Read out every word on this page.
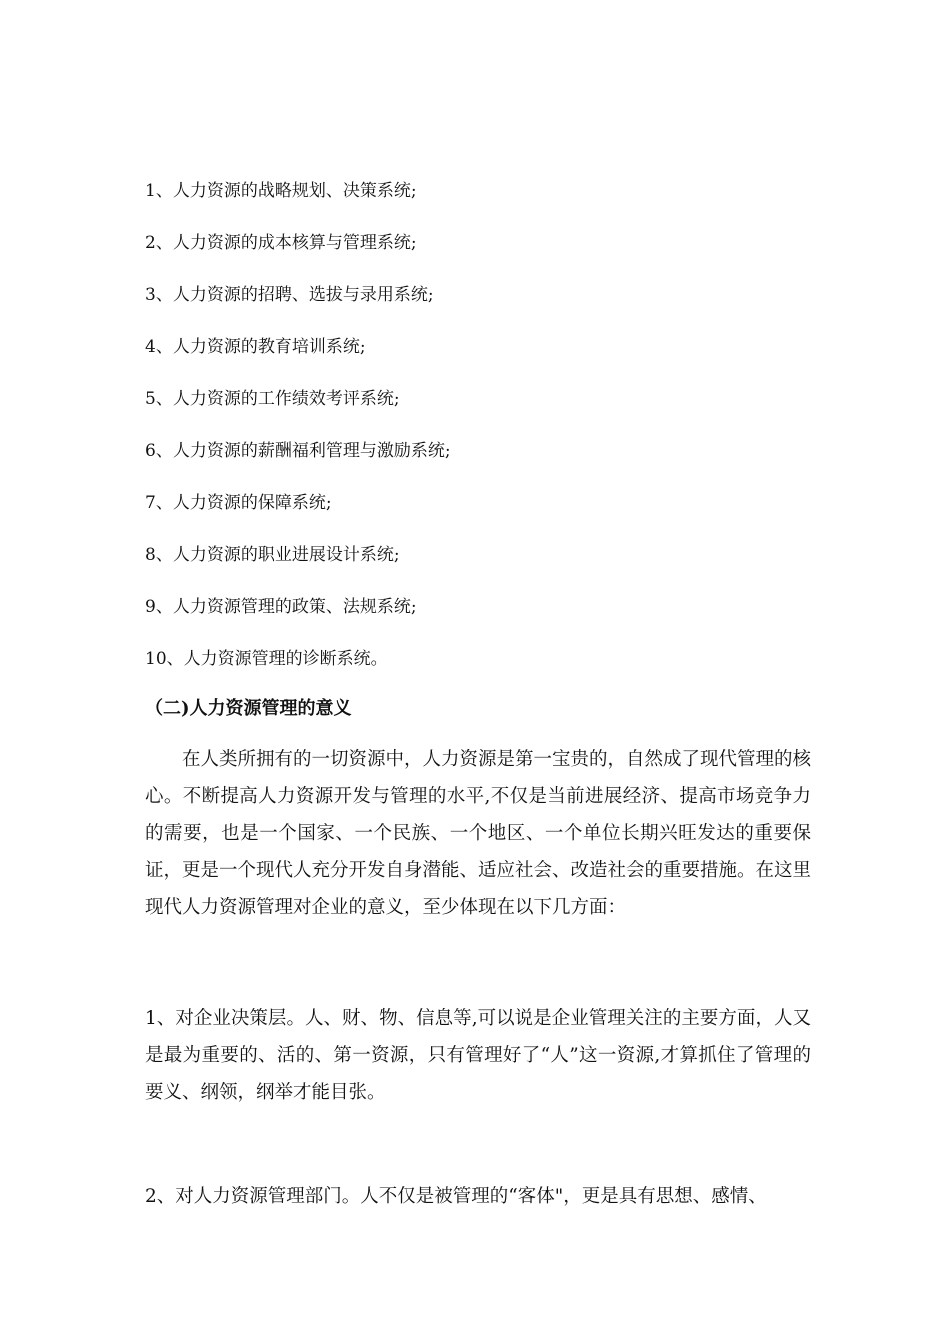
1、人力资源的战略规划、决策系统;
2、人力资源的成本核算与管理系统;
3、人力资源的招聘、选拔与录用系统;
4、人力资源的教育培训系统;
5、人力资源的工作绩效考评系统;
6、人力资源的薪酬福利管理与激励系统;
7、人力资源的保障系统;
8、人力资源的职业进展设计系统;
9、人力资源管理的政策、法规系统;
10、人力资源管理的诊断系统。
（二)人力资源管理的意义

在人类所拥有的一切资源中，人力资源是第一宝贵的，自然成了现代管理的核心。不断提高人力资源开发与管理的水平,不仅是当前进展经济、提高市场竞争力的需要，也是一个国家、一个民族、一个地区、一个单位长期兴旺发达的重要保证，更是一个现代人充分开发自身潜能、适应社会、改造社会的重要措施。在这里现代人力资源管理对企业的意义，至少体现在以下几方面：

1、对企业决策层。人、财、物、信息等,可以说是企业管理关注的主要方面，人又是最为重要的、活的、第一资源，只有管理好了“人”这一资源,才算抓住了管理的要义、纲领，纲举才能目张。

2、对人力资源管理部门。人不仅是被管理的“客体"，更是具有思想、感情、
